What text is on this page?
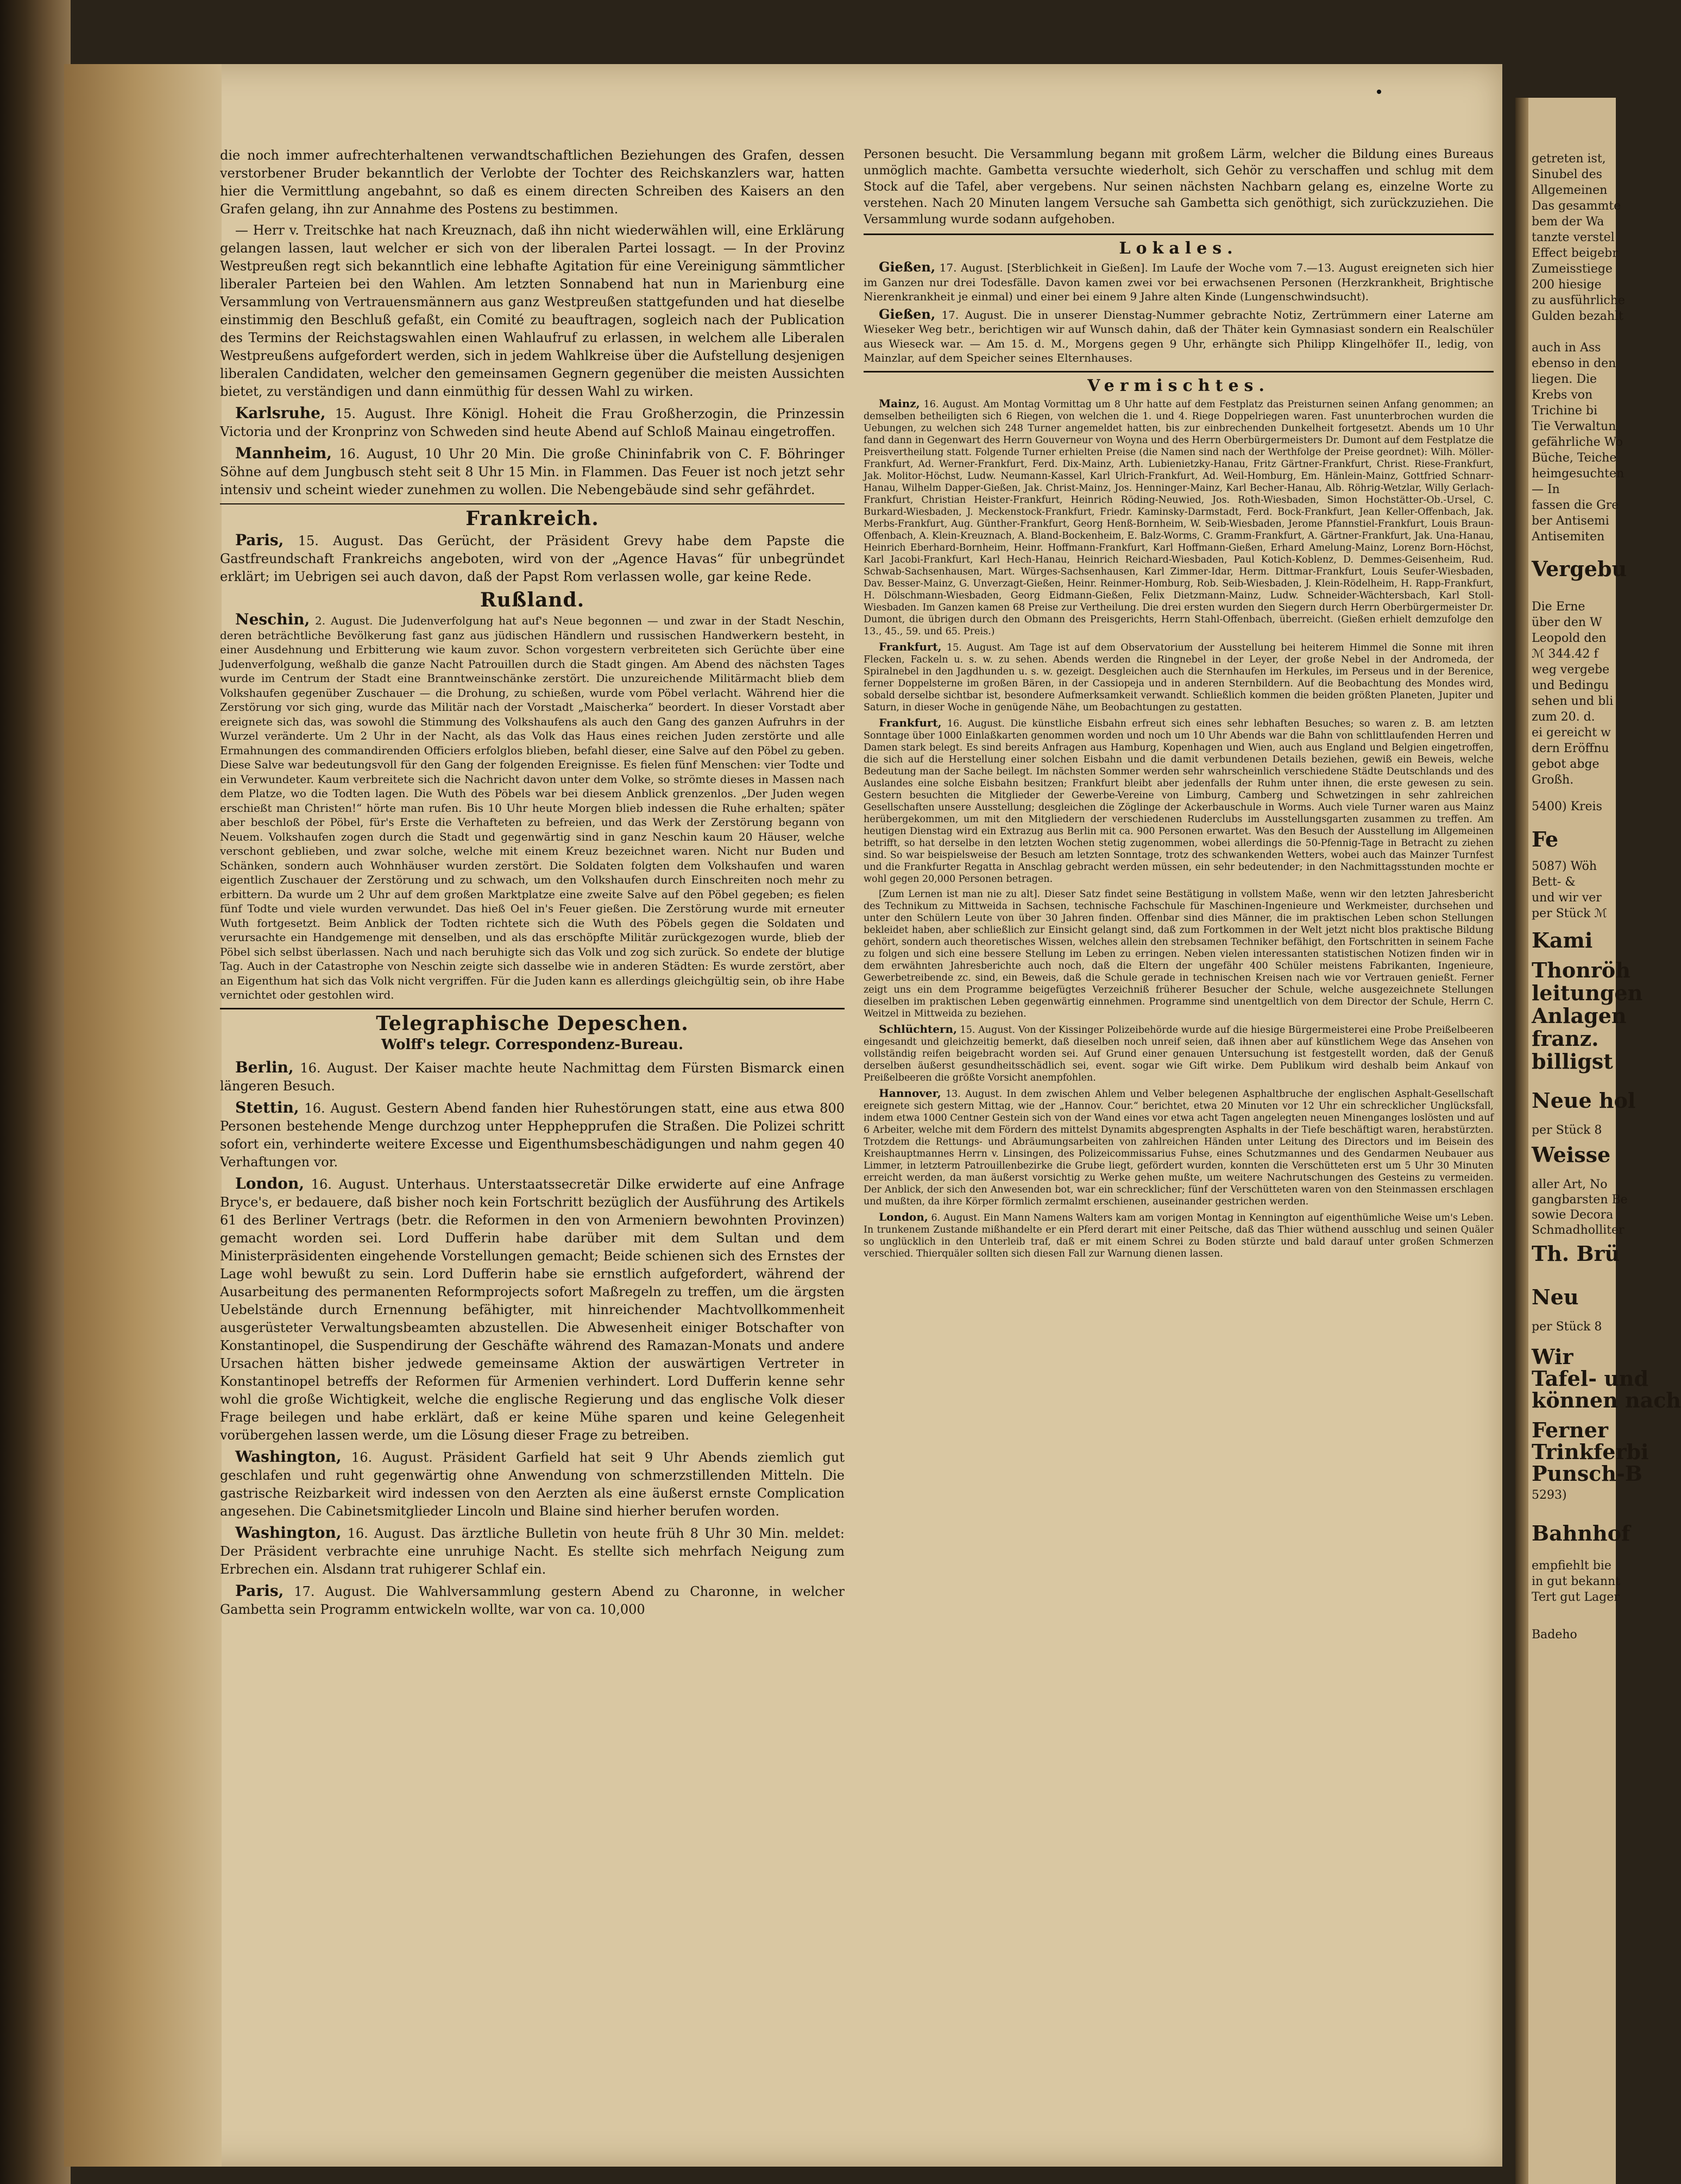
die noch immer aufrechterhaltenen verwandtschaftlichen Beziehungen des Grafen, dessen verstorbener Bruder bekanntlich der Verlobte der Tochter des Reichskanzlers war, hatten hier die Vermittlung angebahnt, so daß es einem directen Schreiben des Kaisers an den Grafen gelang, ihn zur Annahme des Postens zu bestimmen.

— Herr v. Treitschke hat nach Kreuznach, daß ihn nicht wiederwählen will, eine Erklärung gelangen lassen, laut welcher er sich von der liberalen Partei lossagt. — In der Provinz Westpreußen regt sich bekanntlich eine lebhafte Agitation für eine Vereinigung sämmtlicher liberaler Parteien bei den Wahlen. Am letzten Sonnabend hat nun in Marienburg eine Versammlung von Vertrauensmännern aus ganz Westpreußen stattgefunden und hat dieselbe einstimmig den Beschluß gefaßt, ein Comité zu beauftragen, sogleich nach der Publication des Termins der Reichstagswahlen einen Wahlaufruf zu erlassen, in welchem alle Liberalen Westpreußens aufgefordert werden, sich in jedem Wahlkreise über die Aufstellung desjenigen liberalen Candidaten, welcher den gemeinsamen Gegnern gegenüber die meisten Aussichten bietet, zu verständigen und dann einmüthig für dessen Wahl zu wirken.

Karlsruhe, 15. August. Ihre Königl. Hoheit die Frau Großherzogin, die Prinzessin Victoria und der Kronprinz von Schweden sind heute Abend auf Schloß Mainau eingetroffen.

Mannheim, 16. August, 10 Uhr 20 Min. Die große Chininfabrik von C. F. Böhringer Söhne auf dem Jungbusch steht seit 8 Uhr 15 Min. in Flammen. Das Feuer ist noch jetzt sehr intensiv und scheint wieder zunehmen zu wollen. Die Nebengebäude sind sehr gefährdet.

Frankreich.

Paris, 15. August. Das Gerücht, der Präsident Grevy habe dem Papste die Gastfreundschaft Frankreichs angeboten, wird von der „Agence Havas“ für unbegründet erklärt; im Uebrigen sei auch davon, daß der Papst Rom verlassen wolle, gar keine Rede.

Rußland.

Neschin, 2. August. Die Judenverfolgung hat auf's Neue begonnen — und zwar in der Stadt Neschin, deren beträchtliche Bevölkerung fast ganz aus jüdischen Händlern und russischen Handwerkern besteht, in einer Ausdehnung und Erbitterung wie kaum zuvor. Schon vorgestern verbreiteten sich Gerüchte über eine Judenverfolgung, weßhalb die ganze Nacht Patrouillen durch die Stadt gingen. Am Abend des nächsten Tages wurde im Centrum der Stadt eine Branntweinschänke zerstört. Die unzureichende Militärmacht blieb dem Volkshaufen gegenüber Zuschauer — die Drohung, zu schießen, wurde vom Pöbel verlacht. Während hier die Zerstörung vor sich ging, wurde das Militär nach der Vorstadt „Maischerka“ beordert. In dieser Vorstadt aber ereignete sich das, was sowohl die Stimmung des Volkshaufens als auch den Gang des ganzen Aufruhrs in der Wurzel veränderte. Um 2 Uhr in der Nacht, als das Volk das Haus eines reichen Juden zerstörte und alle Ermahnungen des commandirenden Officiers erfolglos blieben, befahl dieser, eine Salve auf den Pöbel zu geben. Diese Salve war bedeutungsvoll für den Gang der folgenden Ereignisse. Es fielen fünf Menschen: vier Todte und ein Verwundeter. Kaum verbreitete sich die Nachricht davon unter dem Volke, so strömte dieses in Massen nach dem Platze, wo die Todten lagen. Die Wuth des Pöbels war bei diesem Anblick grenzenlos. „Der Juden wegen erschießt man Christen!“ hörte man rufen. Bis 10 Uhr heute Morgen blieb indessen die Ruhe erhalten; später aber beschloß der Pöbel, für's Erste die Verhafteten zu befreien, und das Werk der Zerstörung begann von Neuem. Volkshaufen zogen durch die Stadt und gegenwärtig sind in ganz Neschin kaum 20 Häuser, welche verschont geblieben, und zwar solche, welche mit einem Kreuz bezeichnet waren. Nicht nur Buden und Schänken, sondern auch Wohnhäuser wurden zerstört. Die Soldaten folgten dem Volkshaufen und waren eigentlich Zuschauer der Zerstörung und zu schwach, um den Volkshaufen durch Einschreiten noch mehr zu erbittern. Da wurde um 2 Uhr auf dem großen Marktplatze eine zweite Salve auf den Pöbel gegeben; es fielen fünf Todte und viele wurden verwundet. Das hieß Oel in's Feuer gießen. Die Zerstörung wurde mit erneuter Wuth fortgesetzt. Beim Anblick der Todten richtete sich die Wuth des Pöbels gegen die Soldaten und verursachte ein Handgemenge mit denselben, und als das erschöpfte Militär zurückgezogen wurde, blieb der Pöbel sich selbst überlassen. Nach und nach beruhigte sich das Volk und zog sich zurück. So endete der blutige Tag. Auch in der Catastrophe von Neschin zeigte sich dasselbe wie in anderen Städten: Es wurde zerstört, aber an Eigenthum hat sich das Volk nicht vergriffen. Für die Juden kann es allerdings gleichgültig sein, ob ihre Habe vernichtet oder gestohlen wird.

Telegraphische Depeschen.
Wolff's telegr. Correspondenz-Bureau.

Berlin, 16. August. Der Kaiser machte heute Nachmittag dem Fürsten Bismarck einen längeren Besuch.

Stettin, 16. August. Gestern Abend fanden hier Ruhestörungen statt, eine aus etwa 800 Personen bestehende Menge durchzog unter Hepphepprufen die Straßen. Die Polizei schritt sofort ein, verhinderte weitere Excesse und Eigenthumsbeschädigungen und nahm gegen 40 Verhaftungen vor.

London, 16. August. Unterhaus. Unterstaatssecretär Dilke erwiderte auf eine Anfrage Bryce's, er bedauere, daß bisher noch kein Fortschritt bezüglich der Ausführung des Artikels 61 des Berliner Vertrags (betr. die Reformen in den von Armeniern bewohnten Provinzen) gemacht worden sei. Lord Dufferin habe darüber mit dem Sultan und dem Ministerpräsidenten eingehende Vorstellungen gemacht; Beide schienen sich des Ernstes der Lage wohl bewußt zu sein. Lord Dufferin habe sie ernstlich aufgefordert, während der Ausarbeitung des permanenten Reformprojects sofort Maßregeln zu treffen, um die ärgsten Uebelstände durch Ernennung befähigter, mit hinreichender Machtvollkommenheit ausgerüsteter Verwaltungsbeamten abzustellen. Die Abwesenheit einiger Botschafter von Konstantinopel, die Suspendirung der Geschäfte während des Ramazan-Monats und andere Ursachen hätten bisher jedwede gemeinsame Aktion der auswärtigen Vertreter in Konstantinopel betreffs der Reformen für Armenien verhindert. Lord Dufferin kenne sehr wohl die große Wichtigkeit, welche die englische Regierung und das englische Volk dieser Frage beilegen und habe erklärt, daß er keine Mühe sparen und keine Gelegenheit vorübergehen lassen werde, um die Lösung dieser Frage zu betreiben.

Washington, 16. August. Präsident Garfield hat seit 9 Uhr Abends ziemlich gut geschlafen und ruht gegenwärtig ohne Anwendung von schmerzstillenden Mitteln. Die gastrische Reizbarkeit wird indessen von den Aerzten als eine äußerst ernste Complication angesehen. Die Cabinetsmitglieder Lincoln und Blaine sind hierher berufen worden.

Washington, 16. August. Das ärztliche Bulletin von heute früh 8 Uhr 30 Min. meldet: Der Präsident verbrachte eine unruhige Nacht. Es stellte sich mehrfach Neigung zum Erbrechen ein. Alsdann trat ruhigerer Schlaf ein.

Paris, 17. August. Die Wahlversammlung gestern Abend zu Charonne, in welcher Gambetta sein Programm entwickeln wollte, war von ca. 10,000

Personen besucht. Die Versammlung begann mit großem Lärm, welcher die Bildung eines Bureaus unmöglich machte. Gambetta versuchte wiederholt, sich Gehör zu verschaffen und schlug mit dem Stock auf die Tafel, aber vergebens. Nur seinen nächsten Nachbarn gelang es, einzelne Worte zu verstehen. Nach 20 Minuten langem Versuche sah Gambetta sich genöthigt, sich zurückzuziehen. Die Versammlung wurde sodann aufgehoben.

Lokales.

Gießen, 17. August. [Sterblichkeit in Gießen]. Im Laufe der Woche vom 7.—13. August ereigneten sich hier im Ganzen nur drei Todesfälle. Davon kamen zwei vor bei erwachsenen Personen (Herzkrankheit, Brightische Nierenkrankheit je einmal) und einer bei einem 9 Jahre alten Kinde (Lungenschwindsucht).

Gießen, 17. August. Die in unserer Dienstag-Nummer gebrachte Notiz, Zertrümmern einer Laterne am Wieseker Weg betr., berichtigen wir auf Wunsch dahin, daß der Thäter kein Gymnasiast sondern ein Realschüler aus Wieseck war. — Am 15. d. M., Morgens gegen 9 Uhr, erhängte sich Philipp Klingelhöfer II., ledig, von Mainzlar, auf dem Speicher seines Elternhauses.

Vermischtes.

Mainz, 16. August. Am Montag Vormittag um 8 Uhr hatte auf dem Festplatz das Preisturnen seinen Anfang genommen; an demselben betheiligten sich 6 Riegen, von welchen die 1. und 4. Riege Doppelriegen waren. Fast ununterbrochen wurden die Uebungen, zu welchen sich 248 Turner angemeldet hatten, bis zur einbrechenden Dunkelheit fortgesetzt. Abends um 10 Uhr fand dann in Gegenwart des Herrn Gouverneur von Woyna und des Herrn Oberbürgermeisters Dr. Dumont auf dem Festplatze die Preisvertheilung statt. Folgende Turner erhielten Preise (die Namen sind nach der Werthfolge der Preise geordnet): Wilh. Möller-Frankfurt, Ad. Werner-Frankfurt, Ferd. Dix-Mainz, Arth. Lubienietzky-Hanau, Fritz Gärtner-Frankfurt, Christ. Riese-Frankfurt, Jak. Molitor-Höchst, Ludw. Neumann-Kassel, Karl Ulrich-Frankfurt, Ad. Weil-Homburg, Em. Hänlein-Mainz, Gottfried Schnarr-Hanau, Wilhelm Dapper-Gießen, Jak. Christ-Mainz, Jos. Henninger-Mainz, Karl Becher-Hanau, Alb. Röhrig-Wetzlar, Willy Gerlach-Frankfurt, Christian Heister-Frankfurt, Heinrich Röding-Neuwied, Jos. Roth-Wiesbaden, Simon Hochstätter-Ob.-Ursel, C. Burkard-Wiesbaden, J. Meckenstock-Frankfurt, Friedr. Kaminsky-Darmstadt, Ferd. Bock-Frankfurt, Jean Keller-Offenbach, Jak. Merbs-Frankfurt, Aug. Günther-Frankfurt, Georg Henß-Bornheim, W. Seib-Wiesbaden, Jerome Pfannstiel-Frankfurt, Louis Braun-Offenbach, A. Klein-Kreuznach, A. Bland-Bockenheim, E. Balz-Worms, C. Gramm-Frankfurt, A. Gärtner-Frankfurt, Jak. Una-Hanau, Heinrich Eberhard-Bornheim, Heinr. Hoffmann-Frankfurt, Karl Hoffmann-Gießen, Erhard Amelung-Mainz, Lorenz Born-Höchst, Karl Jacobi-Frankfurt, Karl Hech-Hanau, Heinrich Reichard-Wiesbaden, Paul Kotich-Koblenz, D. Demmes-Geisenheim, Rud. Schwab-Sachsenhausen, Mart. Würges-Sachsenhausen, Karl Zimmer-Idar, Herm. Dittmar-Frankfurt, Louis Seufer-Wiesbaden, Dav. Besser-Mainz, G. Unverzagt-Gießen, Heinr. Reinmer-Homburg, Rob. Seib-Wiesbaden, J. Klein-Rödelheim, H. Rapp-Frankfurt, H. Dölschmann-Wiesbaden, Georg Eidmann-Gießen, Felix Dietzmann-Mainz, Ludw. Schneider-Wächtersbach, Karl Stoll-Wiesbaden. Im Ganzen kamen 68 Preise zur Vertheilung. Die drei ersten wurden den Siegern durch Herrn Oberbürgermeister Dr. Dumont, die übrigen durch den Obmann des Preisgerichts, Herrn Stahl-Offenbach, überreicht. (Gießen erhielt demzufolge den 13., 45., 59. und 65. Preis.)

Frankfurt, 15. August. Am Tage ist auf dem Observatorium der Ausstellung bei heiterem Himmel die Sonne mit ihren Flecken, Fackeln u. s. w. zu sehen. Abends werden die Ringnebel in der Leyer, der große Nebel in der Andromeda, der Spiralnebel in den Jagdhunden u. s. w. gezeigt. Desgleichen auch die Sternhaufen im Herkules, im Perseus und in der Berenice, ferner Doppelsterne im großen Bären, in der Cassiopeja und in anderen Sternbildern. Auf die Beobachtung des Mondes wird, sobald derselbe sichtbar ist, besondere Aufmerksamkeit verwandt. Schließlich kommen die beiden größten Planeten, Jupiter und Saturn, in dieser Woche in genügende Nähe, um Beobachtungen zu gestatten.

Frankfurt, 16. August. Die künstliche Eisbahn erfreut sich eines sehr lebhaften Besuches; so waren z. B. am letzten Sonntage über 1000 Einlaßkarten genommen worden und noch um 10 Uhr Abends war die Bahn von schlittlaufenden Herren und Damen stark belegt. Es sind bereits Anfragen aus Hamburg, Kopenhagen und Wien, auch aus England und Belgien eingetroffen, die sich auf die Herstellung einer solchen Eisbahn und die damit verbundenen Details beziehen, gewiß ein Beweis, welche Bedeutung man der Sache beilegt. Im nächsten Sommer werden sehr wahrscheinlich verschiedene Städte Deutschlands und des Auslandes eine solche Eisbahn besitzen; Frankfurt bleibt aber jedenfalls der Ruhm unter ihnen, die erste gewesen zu sein. Gestern besuchten die Mitglieder der Gewerbe-Vereine von Limburg, Camberg und Schwetzingen in sehr zahlreichen Gesellschaften unsere Ausstellung; desgleichen die Zöglinge der Ackerbauschule in Worms. Auch viele Turner waren aus Mainz herübergekommen, um mit den Mitgliedern der verschiedenen Ruderclubs im Ausstellungsgarten zusammen zu treffen. Am heutigen Dienstag wird ein Extrazug aus Berlin mit ca. 900 Personen erwartet. Was den Besuch der Ausstellung im Allgemeinen betrifft, so hat derselbe in den letzten Wochen stetig zugenommen, wobei allerdings die 50-Pfennig-Tage in Betracht zu ziehen sind. So war beispielsweise der Besuch am letzten Sonntage, trotz des schwankenden Wetters, wobei auch das Mainzer Turnfest und die Frankfurter Regatta in Anschlag gebracht werden müssen, ein sehr bedeutender; in den Nachmittagsstunden mochte er wohl gegen 20,000 Personen betragen.

[Zum Lernen ist man nie zu alt]. Dieser Satz findet seine Bestätigung in vollstem Maße, wenn wir den letzten Jahresbericht des Technikum zu Mittweida in Sachsen, technische Fachschule für Maschinen-Ingenieure und Werkmeister, durchsehen und unter den Schülern Leute von über 30 Jahren finden. Offenbar sind dies Männer, die im praktischen Leben schon Stellungen bekleidet haben, aber schließlich zur Einsicht gelangt sind, daß zum Fortkommen in der Welt jetzt nicht blos praktische Bildung gehört, sondern auch theoretisches Wissen, welches allein den strebsamen Techniker befähigt, den Fortschritten in seinem Fache zu folgen und sich eine bessere Stellung im Leben zu erringen. Neben vielen interessanten statistischen Notizen finden wir in dem erwähnten Jahresberichte auch noch, daß die Eltern der ungefähr 400 Schüler meistens Fabrikanten, Ingenieure, Gewerbetreibende zc. sind, ein Beweis, daß die Schule gerade in technischen Kreisen nach wie vor Vertrauen genießt. Ferner zeigt uns ein dem Programme beigefügtes Verzeichniß früherer Besucher der Schule, welche ausgezeichnete Stellungen dieselben im praktischen Leben gegenwärtig einnehmen. Programme sind unentgeltlich von dem Director der Schule, Herrn C. Weitzel in Mittweida zu beziehen.

Schlüchtern, 15. August. Von der Kissinger Polizeibehörde wurde auf die hiesige Bürgermeisterei eine Probe Preißelbeeren eingesandt und gleichzeitig bemerkt, daß dieselben noch unreif seien, daß ihnen aber auf künstlichem Wege das Ansehen von vollständig reifen beigebracht worden sei. Auf Grund einer genauen Untersuchung ist festgestellt worden, daß der Genuß derselben äußerst gesundheitsschädlich sei, event. sogar wie Gift wirke. Dem Publikum wird deshalb beim Ankauf von Preißelbeeren die größte Vorsicht anempfohlen.

Hannover, 13. August. In dem zwischen Ahlem und Velber belegenen Asphaltbruche der englischen Asphalt-Gesellschaft ereignete sich gestern Mittag, wie der „Hannov. Cour.“ berichtet, etwa 20 Minuten vor 12 Uhr ein schrecklicher Unglücksfall, indem etwa 1000 Centner Gestein sich von der Wand eines vor etwa acht Tagen angelegten neuen Minenganges loslösten und auf 6 Arbeiter, welche mit dem Fördern des mittelst Dynamits abgesprengten Asphalts in der Tiefe beschäftigt waren, herabstürzten. Trotzdem die Rettungs- und Abräumungsarbeiten von zahlreichen Händen unter Leitung des Directors und im Beisein des Kreishauptmannes Herrn v. Linsingen, des Polizeicommissarius Fuhse, eines Schutzmannes und des Gendarmen Neubauer aus Limmer, in letzterm Patrouillenbezirke die Grube liegt, gefördert wurden, konnten die Verschütteten erst um 5 Uhr 30 Minuten erreicht werden, da man äußerst vorsichtig zu Werke gehen mußte, um weitere Nachrutschungen des Gesteins zu vermeiden. Der Anblick, der sich den Anwesenden bot, war ein schrecklicher; fünf der Verschütteten waren von den Steinmassen erschlagen und mußten, da ihre Körper förmlich zermalmt erschienen, auseinander gestrichen werden.

London, 6. August. Ein Mann Namens Walters kam am vorigen Montag in Kennington auf eigenthümliche Weise um's Leben. In trunkenem Zustande mißhandelte er ein Pferd derart mit einer Peitsche, daß das Thier wüthend ausschlug und seinen Quäler so unglücklich in den Unterleib traf, daß er mit einem Schrei zu Boden stürzte und bald darauf unter großen Schmerzen verschied. Thierquäler sollten sich diesen Fall zur Warnung dienen lassen.

getreten ist,
Sinubel des
Allgemeinen
Das gesammte
bem der Wa
tanzte verstel
Effect beigebr
Zumeisstiege
200 hiesige
zu ausführliche
Gulden bezahlt
auch in Ass
ebenso in den
liegen. Die
Krebs von
Trichine bi
Tie Verwaltun
gefährliche Wo
Büche, Teiche
heimgesuchten
— In
fassen die Gre
ber Antisemi
Antisemiten
Vergebu
Die Erne
über den W
Leopold den
ℳ 344.42 f
weg vergebe
und Bedingu
sehen und bli
zum 20. d.
ei gereicht w
dern Eröffnu
gebot abge
Großh.
5400) Kreis
Fe
5087) Wöh
Bett- &
und wir ver
per Stück ℳ
Kami
Thonröh
leitungen
Anlagen
franz.
billigst
Neue hol
per Stück 8
Weisse
aller Art, No
gangbarsten Be
sowie Decora
Schmadholliter
Th. Brü
Neu
per Stück 8
Wir
Tafel- und
können nach
Ferner
Trinkferbi
Punsch-B
5293)
Bahnhof
empfiehlt bie
in gut bekannt
Tert gut Lager
Badeho
